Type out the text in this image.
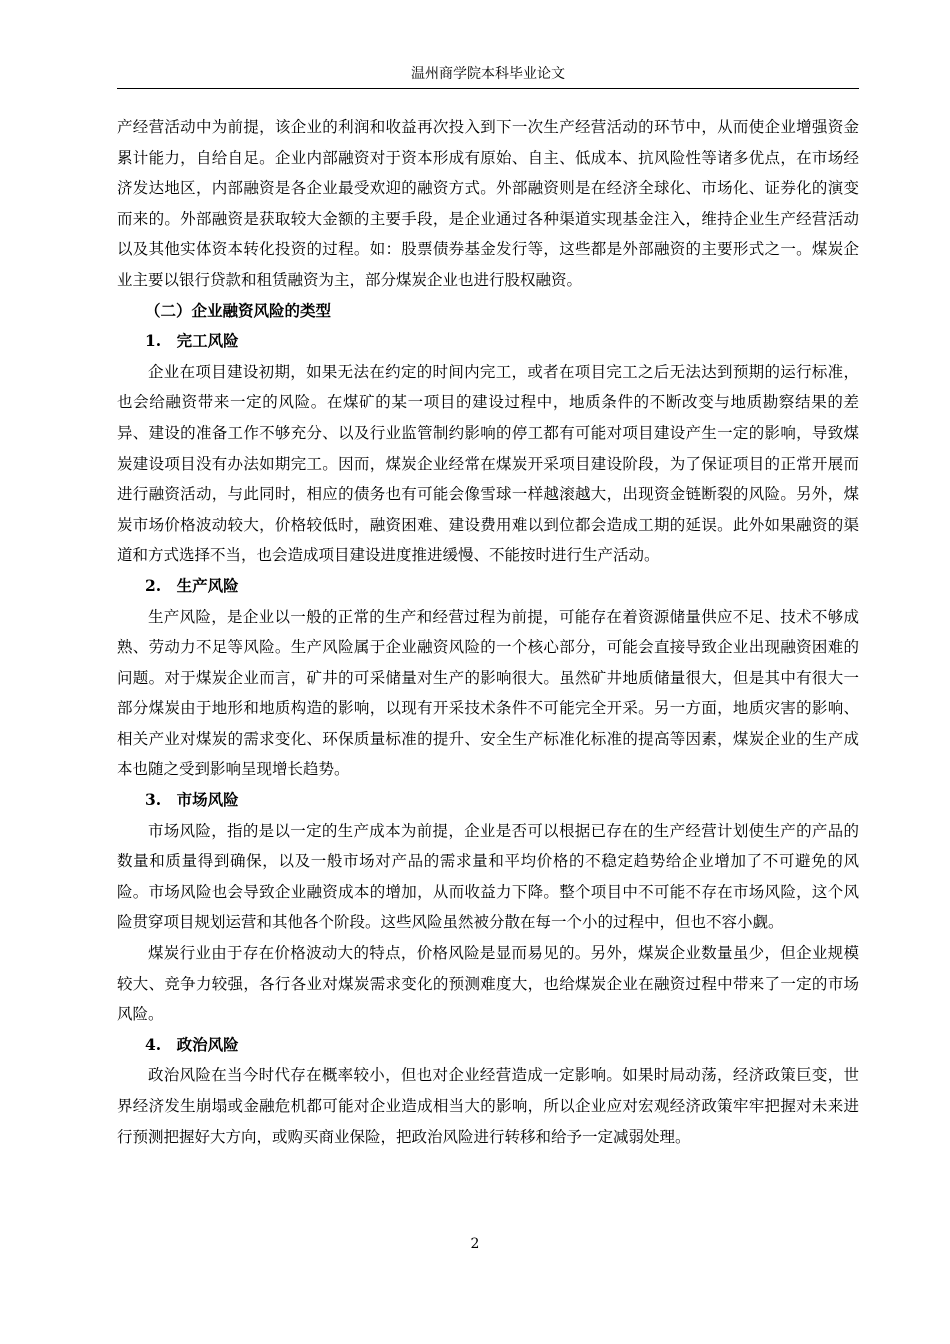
温州商学院本科毕业论文

产经营活动中为前提，该企业的利润和收益再次投入到下一次生产经营活动的环节中，从而使企业增强资金累计能力，自给自足。企业内部融资对于资本形成有原始、自主、低成本、抗风险性等诸多优点，在市场经济发达地区，内部融资是各企业最受欢迎的融资方式。外部融资则是在经济全球化、市场化、证券化的演变而来的。外部融资是获取较大金额的主要手段，是企业通过各种渠道实现基金注入，维持企业生产经营活动以及其他实体资本转化投资的过程。如：股票债券基金发行等，这些都是外部融资的主要形式之一。煤炭企业主要以银行贷款和租赁融资为主，部分煤炭企业也进行股权融资。

（二）企业融资风险的类型

1.　完工风险

企业在项目建设初期，如果无法在约定的时间内完工，或者在项目完工之后无法达到预期的运行标准，也会给融资带来一定的风险。在煤矿的某一项目的建设过程中，地质条件的不断改变与地质勘察结果的差异、建设的准备工作不够充分、以及行业监管制约影响的停工都有可能对项目建设产生一定的影响，导致煤炭建设项目没有办法如期完工。因而，煤炭企业经常在煤炭开采项目建设阶段，为了保证项目的正常开展而进行融资活动，与此同时，相应的债务也有可能会像雪球一样越滚越大，出现资金链断裂的风险。另外，煤炭市场价格波动较大，价格较低时，融资困难、建设费用难以到位都会造成工期的延误。此外如果融资的渠道和方式选择不当，也会造成项目建设进度推进缓慢、不能按时进行生产活动。

2.　生产风险

生产风险，是企业以一般的正常的生产和经营过程为前提，可能存在着资源储量供应不足、技术不够成熟、劳动力不足等风险。生产风险属于企业融资风险的一个核心部分，可能会直接导致企业出现融资困难的问题。对于煤炭企业而言，矿井的可采储量对生产的影响很大。虽然矿井地质储量很大，但是其中有很大一部分煤炭由于地形和地质构造的影响，以现有开采技术条件不可能完全开采。另一方面，地质灾害的影响、相关产业对煤炭的需求变化、环保质量标准的提升、安全生产标准化标准的提高等因素，煤炭企业的生产成本也随之受到影响呈现增长趋势。

3.　市场风险

市场风险，指的是以一定的生产成本为前提，企业是否可以根据已存在的生产经营计划使生产的产品的数量和质量得到确保，以及一般市场对产品的需求量和平均价格的不稳定趋势给企业增加了不可避免的风险。市场风险也会导致企业融资成本的增加，从而收益力下降。整个项目中不可能不存在市场风险，这个风险贯穿项目规划运营和其他各个阶段。这些风险虽然被分散在每一个小的过程中，但也不容小觑。

煤炭行业由于存在价格波动大的特点，价格风险是显而易见的。另外，煤炭企业数量虽少，但企业规模较大、竞争力较强，各行各业对煤炭需求变化的预测难度大，也给煤炭企业在融资过程中带来了一定的市场风险。

4.　政治风险

政治风险在当今时代存在概率较小，但也对企业经营造成一定影响。如果时局动荡，经济政策巨变，世界经济发生崩塌或金融危机都可能对企业造成相当大的影响，所以企业应对宏观经济政策牢牢把握对未来进行预测把握好大方向，或购买商业保险，把政治风险进行转移和给予一定减弱处理。

2
